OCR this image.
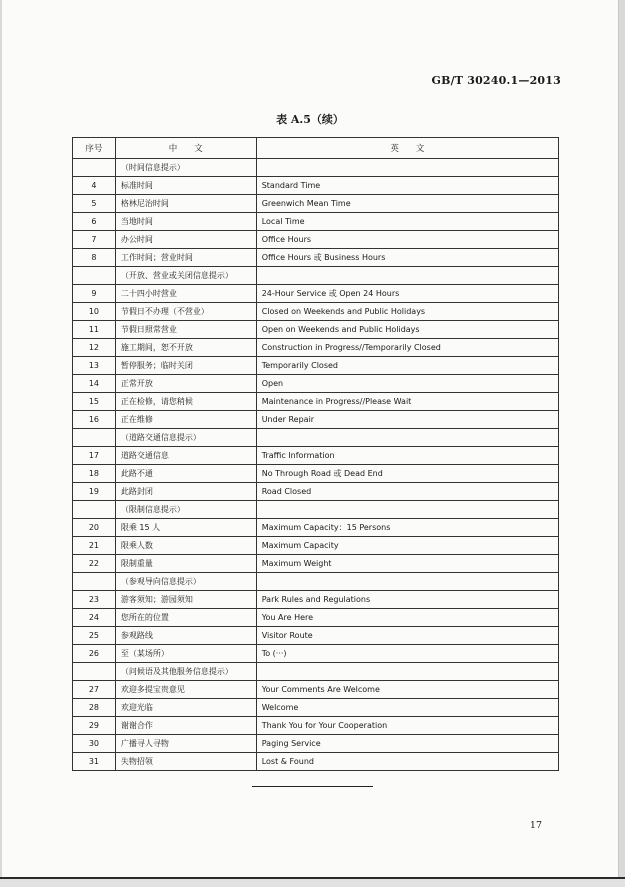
GB/T 30240.1—2013
表 A.5（续）
序号	中　　文	英　　文
	（时间信息提示）	
4	标准时间	Standard Time
5	格林尼治时间	Greenwich Mean Time
6	当地时间	Local Time
7	办公时间	Office Hours
8	工作时间；营业时间	Office Hours 或 Business Hours
	（开放、营业或关闭信息提示）	
9	二十四小时营业	24-Hour Service 或 Open 24 Hours
10	节假日不办理（不营业）	Closed on Weekends and Public Holidays
11	节假日照常营业	Open on Weekends and Public Holidays
12	施工期间，恕不开放	Construction in Progress//Temporarily Closed
13	暂停服务；临时关闭	Temporarily Closed
14	正常开放	Open
15	正在检修，请您稍候	Maintenance in Progress//Please Wait
16	正在维修	Under Repair
	（道路交通信息提示）	
17	道路交通信息	Traffic Information
18	此路不通	No Through Road 或 Dead End
19	此路封闭	Road Closed
	（限制信息提示）	
20	限乘 15 人	Maximum Capacity：15 Persons
21	限乘人数	Maximum Capacity
22	限制重量	Maximum Weight
	（参观导向信息提示）	
23	游客须知；游园须知	Park Rules and Regulations
24	您所在的位置	You Are Here
25	参观路线	Visitor Route
26	至（某场所）	To (···)
	（问候语及其他服务信息提示）	
27	欢迎多提宝贵意见	Your Comments Are Welcome
28	欢迎光临	Welcome
29	谢谢合作	Thank You for Your Cooperation
30	广播寻人寻物	Paging Service
31	失物招领	Lost & Found
17
